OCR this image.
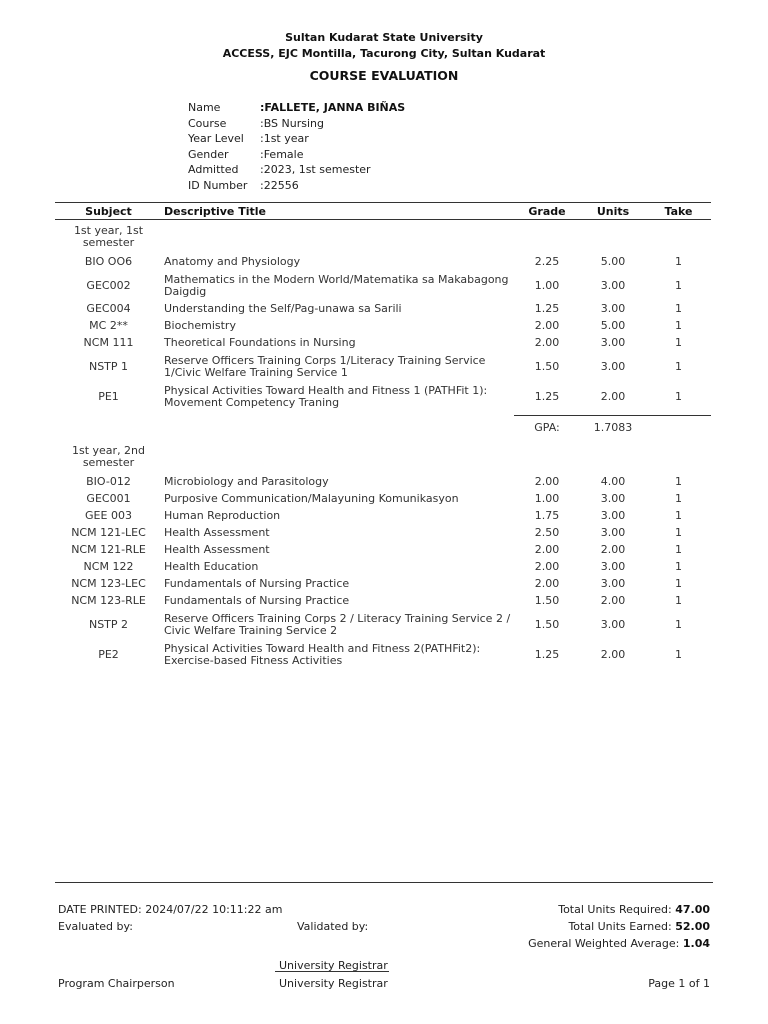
Sultan Kudarat State University
ACCESS, EJC Montilla, Tacurong City, Sultan Kudarat
COURSE EVALUATION
Name	:FALLETE, JANNA BIÑAS
Course	:BS Nursing
Year Level	:1st year
Gender	:Female
Admitted	:2023, 1st semester
ID Number	:22556
Subject	Descriptive Title	Grade	Units	Take
1st year, 1st semester				
BIO OO6	Anatomy and Physiology	2.25	5.00	1
GEC002	Mathematics in the Modern World/Matematika sa Makabagong Daigdig	1.00	3.00	1
GEC004	Understanding the Self/Pag-unawa sa Sarili	1.25	3.00	1
MC 2**	Biochemistry	2.00	5.00	1
NCM 111	Theoretical Foundations in Nursing	2.00	3.00	1
NSTP 1	Reserve Officers Training Corps 1/Literacy Training Service 1/Civic Welfare Training Service 1	1.50	3.00	1
PE1	Physical Activities Toward Health and Fitness 1 (PATHFit 1): Movement Competency Traning	1.25	2.00	1

		GPA:	1.7083	
1st year, 2nd semester				
BIO-012	Microbiology and Parasitology	2.00	4.00	1
GEC001	Purposive Communication/Malayuning Komunikasyon	1.00	3.00	1
GEE 003	Human Reproduction	1.75	3.00	1
NCM 121-LEC	Health Assessment	2.50	3.00	1
NCM 121-RLE	Health Assessment	2.00	2.00	1
NCM 122	Health Education	2.00	3.00	1
NCM 123-LEC	Fundamentals of Nursing Practice	2.00	3.00	1
NCM 123-RLE	Fundamentals of Nursing Practice	1.50	2.00	1
NSTP 2	Reserve Officers Training Corps 2 / Literacy Training Service 2 / Civic Welfare Training Service 2	1.50	3.00	1
PE2	Physical Activities Toward Health and Fitness 2(PATHFit2): Exercise-based Fitness Activities	1.25	2.00	1
DATE PRINTED: 2024/07/22 10:11:22 am
Evaluated by:	Validated by:
Total Units Required: 47.00
Total Units Earned: 52.00
General Weighted Average: 1.04
University Registrar
Program Chairperson	University Registrar	Page 1 of 1
